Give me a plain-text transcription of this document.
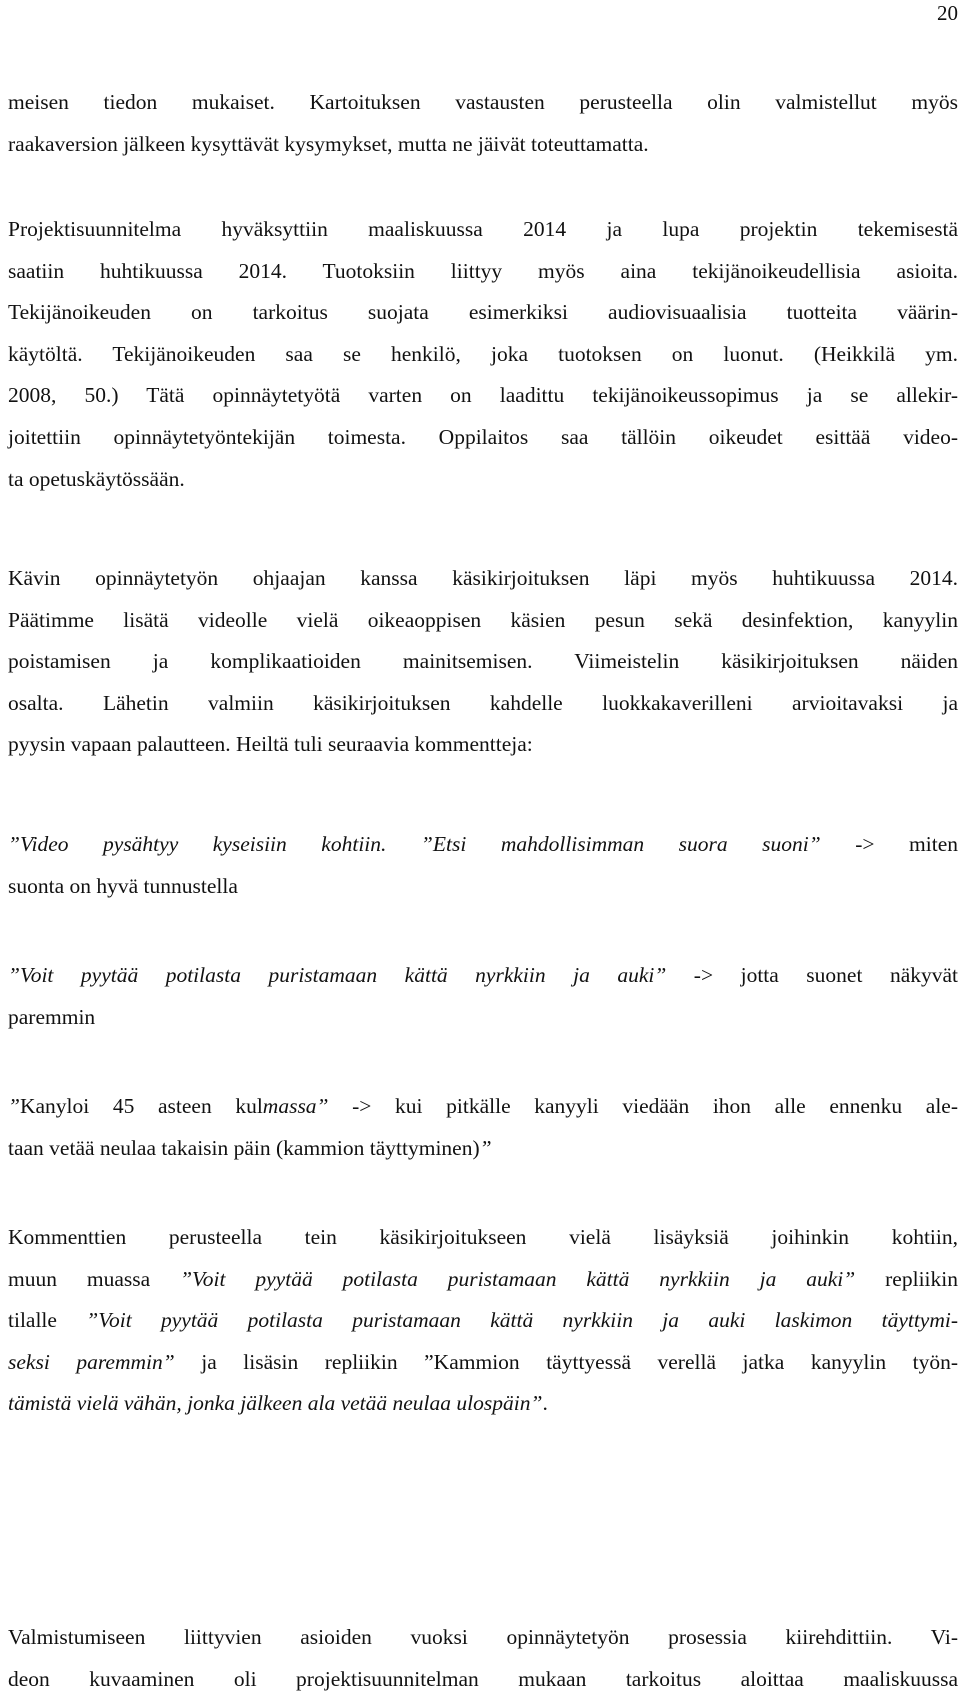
20
meisen tiedon mukaiset. Kartoituksen vastausten perusteella olin valmistellut myös
raakaversion jälkeen kysyttävät kysymykset, mutta ne jäivät toteuttamatta.
Projektisuunnitelma hyväksyttiin maaliskuussa 2014 ja lupa projektin tekemisestä
saatiin huhtikuussa 2014. Tuotoksiin liittyy myös aina tekijänoikeudellisia asioita.
Tekijänoikeuden on tarkoitus suojata esimerkiksi audiovisuaalisia tuotteita väärin-
käytöltä. Tekijänoikeuden saa se henkilö, joka tuotoksen on luonut. (Heikkilä ym.
2008, 50.) Tätä opinnäytetyötä varten on laadittu tekijänoikeussopimus ja se allekir-
joitettiin opinnäytetyöntekijän toimesta. Oppilaitos saa tällöin oikeudet esittää video-
ta opetuskäytössään.
Kävin opinnäytetyön ohjaajan kanssa käsikirjoituksen läpi myös huhtikuussa 2014.
Päätimme lisätä videolle vielä oikeaoppisen käsien pesun sekä desinfektion, kanyylin
poistamisen ja komplikaatioiden mainitsemisen. Viimeistelin käsikirjoituksen näiden
osalta. Lähetin valmiin käsikirjoituksen kahdelle luokkakaverilleni arvioitavaksi ja
pyysin vapaan palautteen. Heiltä tuli seuraavia kommentteja:
”Video pysähtyy kyseisiin kohtiin. ”Etsi mahdollisimman suora suoni” -> miten
suonta on hyvä tunnustella
”Voit pyytää potilasta puristamaan kättä nyrkkiin ja auki” -> jotta suonet näkyvät
paremmin
”Kanyloi 45 asteen kulmassa” -> kui pitkälle kanyyli viedään ihon alle ennenku ale-
taan vetää neulaa takaisin päin (kammion täyttyminen)”
Kommenttien perusteella tein käsikirjoitukseen vielä lisäyksiä joihinkin kohtiin,
muun muassa ”Voit pyytää potilasta puristamaan kättä nyrkkiin ja auki” repliikin
tilalle ”Voit pyytää potilasta puristamaan kättä nyrkkiin ja auki laskimon täyttymi-
seksi paremmin” ja lisäsin repliikin ”Kammion täyttyessä verellä jatka kanyylin työn-
tämistä vielä vähän, jonka jälkeen ala vetää neulaa ulospäin”.
Valmistumiseen liittyvien asioiden vuoksi opinnäytetyön prosessia kiirehdittiin. Vi-
deon kuvaaminen oli projektisuunnitelman mukaan tarkoitus aloittaa maaliskuussa
